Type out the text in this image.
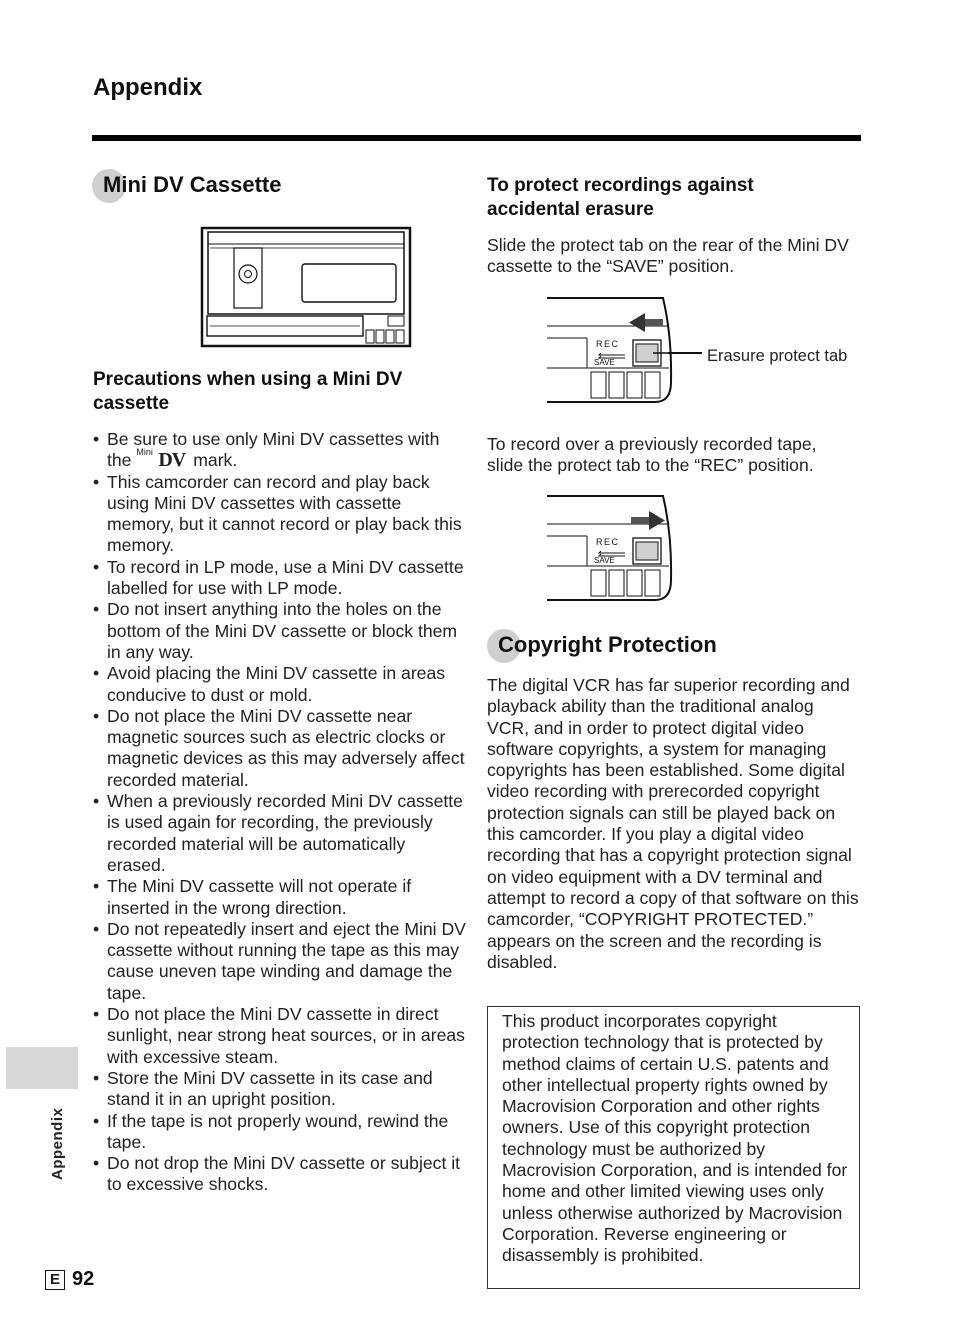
Appendix
Mini DV Cassette
Precautions when using a Mini DV cassette
• Be sure to use only Mini DV cassettes with the Mini DV mark.
• This camcorder can record and play back using Mini DV cassettes with cassette memory, but it cannot record or play back this memory.
• To record in LP mode, use a Mini DV cassette labelled for use with LP mode.
• Do not insert anything into the holes on the bottom of the Mini DV cassette or block them in any way.
• Avoid placing the Mini DV cassette in areas conducive to dust or mold.
• Do not place the Mini DV cassette near magnetic sources such as electric clocks or magnetic devices as this may adversely affect recorded material.
• When a previously recorded Mini DV cassette is used again for recording, the previously recorded material will be automatically erased.
• The Mini DV cassette will not operate if inserted in the wrong direction.
• Do not repeatedly insert and eject the Mini DV cassette without running the tape as this may cause uneven tape winding and damage the tape.
• Do not place the Mini DV cassette in direct sunlight, near strong heat sources, or in areas with excessive steam.
• Store the Mini DV cassette in its case and stand it in an upright position.
• If the tape is not properly wound, rewind the tape.
• Do not drop the Mini DV cassette or subject it to excessive shocks.
To protect recordings against accidental erasure
Slide the protect tab on the rear of the Mini DV cassette to the “SAVE” position.
REC
SAVE	Erasure protect tab
To record over a previously recorded tape, slide the protect tab to the “REC” position.
REC
SAVE
Copyright Protection
The digital VCR has far superior recording and playback ability than the traditional analog VCR, and in order to protect digital video software copyrights, a system for managing copyrights has been established. Some digital video recording with prerecorded copyright protection signals can still be played back on this camcorder. If you play a digital video recording that has a copyright protection signal on video equipment with a DV terminal and attempt to record a copy of that software on this camcorder, “COPYRIGHT PROTECTED.” appears on the screen and the recording is disabled.
This product incorporates copyright protection technology that is protected by method claims of certain U.S. patents and other intellectual property rights owned by Macrovision Corporation and other rights owners. Use of this copyright protection technology must be authorized by Macrovision Corporation, and is intended for home and other limited viewing uses only unless otherwise authorized by Macrovision Corporation. Reverse engineering or disassembly is prohibited.
Appendix
E 92
